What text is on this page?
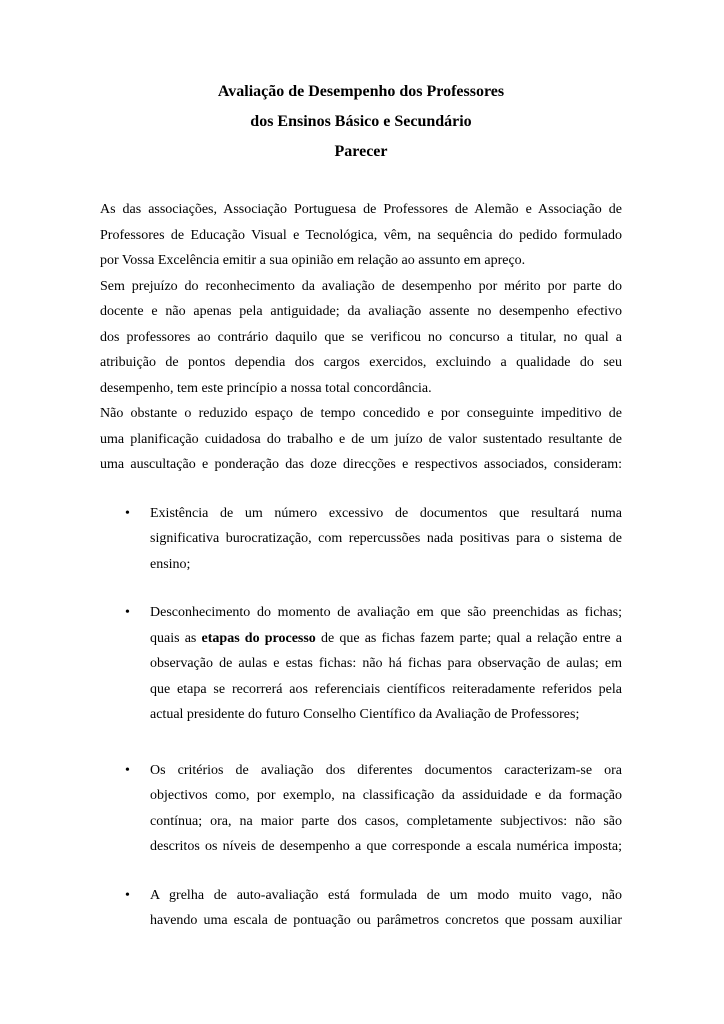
Avaliação de Desempenho dos Professores
dos Ensinos Básico e Secundário
Parecer
As das associações, Associação Portuguesa de Professores de Alemão e Associação de
Professores de Educação Visual e Tecnológica, vêm, na sequência do pedido formulado
por Vossa Excelência emitir a sua opinião em relação ao assunto em apreço.
Sem prejuízo do reconhecimento da avaliação de desempenho por mérito por parte do
docente e não apenas pela antiguidade; da avaliação assente no desempenho efectivo
dos professores ao contrário daquilo que se verificou no concurso a titular, no qual a
atribuição de pontos dependia dos cargos exercidos, excluindo a qualidade do seu
desempenho, tem este princípio a nossa total concordância.
Não obstante o reduzido espaço de tempo concedido e por conseguinte impeditivo de
uma planificação cuidadosa do trabalho e de um juízo de valor sustentado resultante de
uma auscultação e ponderação das doze direcções e respectivos associados, consideram:
•	Existência de um número excessivo de documentos que resultará numa
significativa burocratização, com repercussões nada positivas para o sistema de
ensino;
•	Desconhecimento do momento de avaliação em que são preenchidas as fichas;
quais as etapas do processo de que as fichas fazem parte; qual a relação entre a
observação de aulas e estas fichas: não há fichas para observação de aulas; em
que etapa se recorrerá aos referenciais científicos reiteradamente referidos pela
actual presidente do futuro Conselho Científico da Avaliação de Professores;
•	Os critérios de avaliação dos diferentes documentos caracterizam-se ora
objectivos como, por exemplo, na classificação da assiduidade e da formação
contínua; ora, na maior parte dos casos, completamente subjectivos: não são
descritos os níveis de desempenho a que corresponde a escala numérica imposta;
•	A grelha de auto-avaliação está formulada de um modo muito vago, não
havendo uma escala de pontuação ou parâmetros concretos que possam auxiliar
